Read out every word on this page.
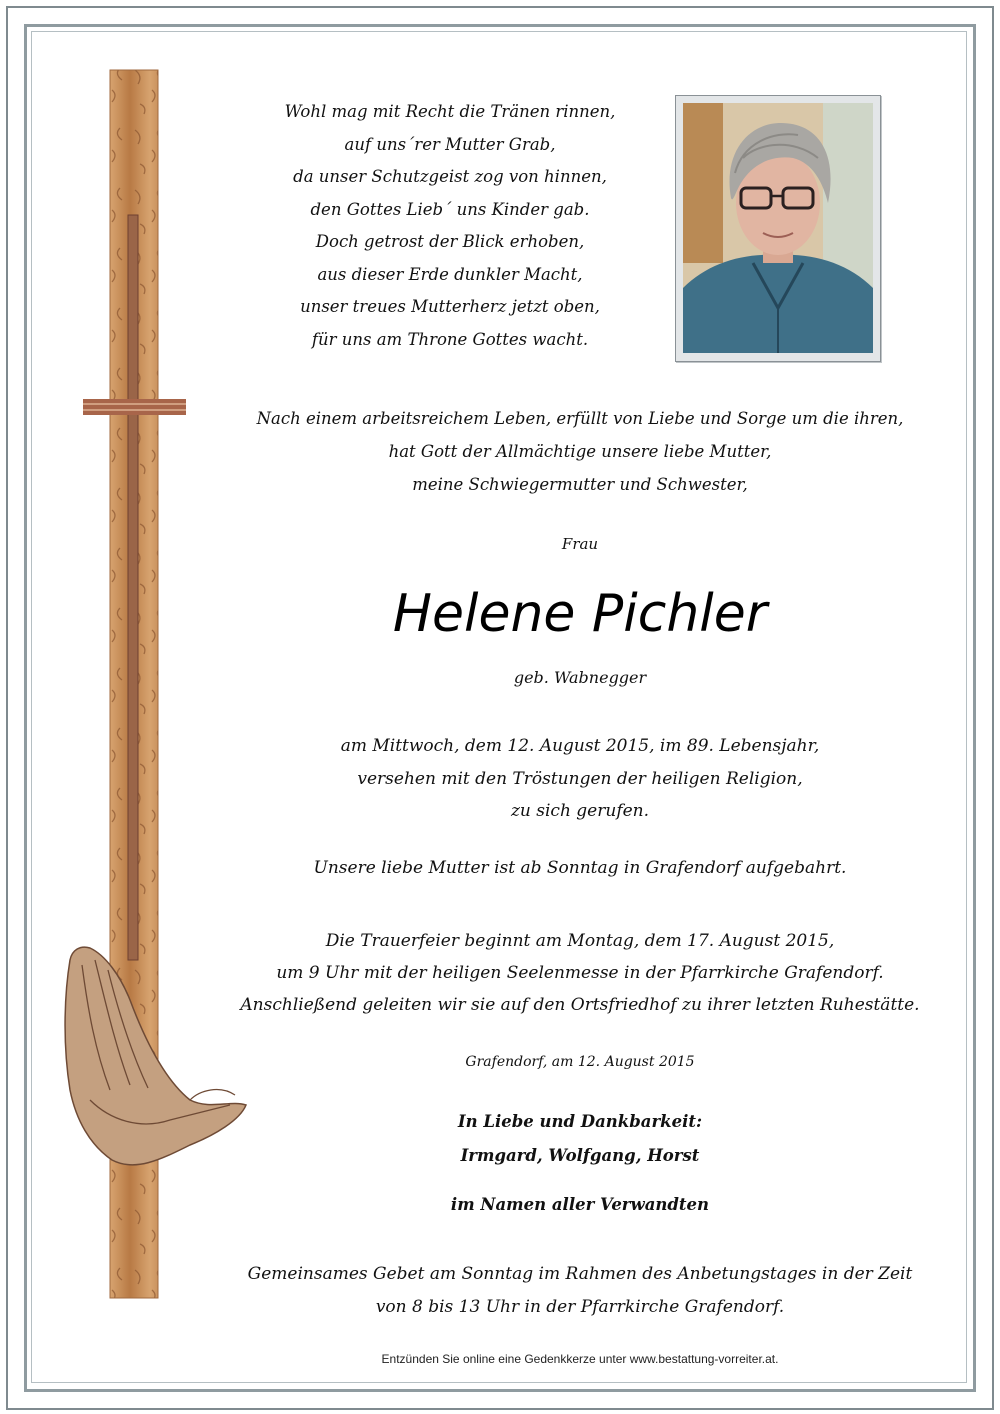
Wohl mag mit Recht die Tränen rinnen,
auf uns´rer Mutter Grab,
da unser Schutzgeist zog von hinnen,
den Gottes Lieb´ uns Kinder gab.
Doch getrost der Blick erhoben,
aus dieser Erde dunkler Macht,
unser treues Mutterherz jetzt oben,
für uns am Throne Gottes wacht.
Nach einem arbeitsreichem Leben, erfüllt von Liebe und Sorge um die ihren,
hat Gott der Allmächtige unsere liebe Mutter,
meine Schwiegermutter und Schwester,
Frau
Helene Pichler
geb. Wabnegger
am Mittwoch, dem 12. August 2015, im 89. Lebensjahr,
versehen mit den Tröstungen der heiligen Religion,
zu sich gerufen.
Unsere liebe Mutter ist ab Sonntag in Grafendorf aufgebahrt.
Die Trauerfeier beginnt am Montag, dem 17. August 2015,
um 9 Uhr mit der heiligen Seelenmesse in der Pfarrkirche Grafendorf.
Anschließend geleiten wir sie auf den Ortsfriedhof zu ihrer letzten Ruhestätte.
Grafendorf, am 12. August 2015
In Liebe und Dankbarkeit:
Irmgard, Wolfgang, Horst
im Namen aller Verwandten
Gemeinsames Gebet am Sonntag im Rahmen des Anbetungstages in der Zeit
von 8 bis 13 Uhr in der Pfarrkirche Grafendorf.
Entzünden Sie online eine Gedenkkerze unter www.bestattung-vorreiter.at.
